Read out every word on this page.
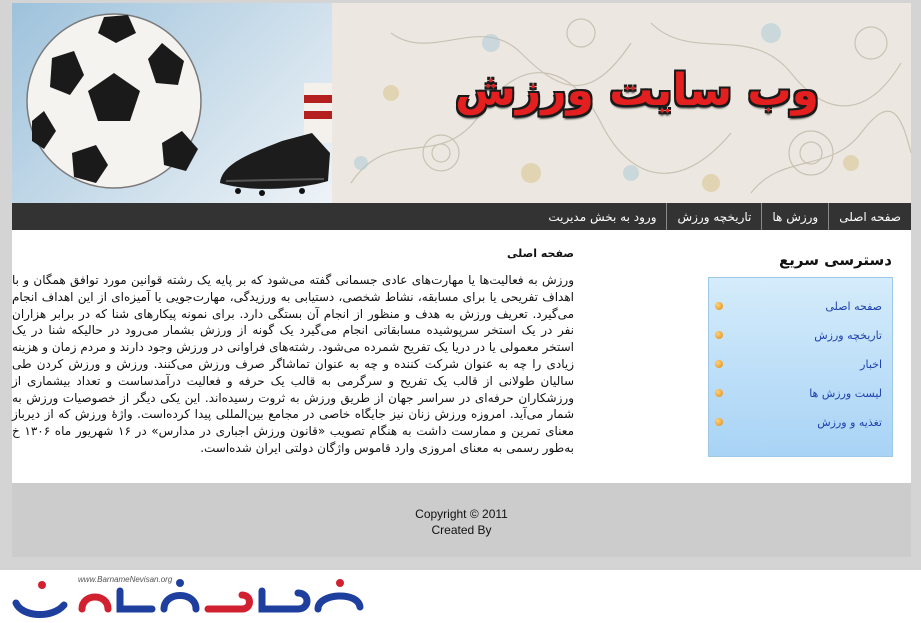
وب سایت ورزش
صفحه اصلی
ورزش ها
تاریخچه ورزش
ورود به بخش مدیریت
دسترسی سریع
صفحه اصلی
تاریخچه ورزش
اخبار
لیست ورزش ها
تغذیه و ورزش
صفحه اصلی

ورزش به فعالیت‌ها یا مهارت‌های عادی جسمانی گفته می‌شود که بر پایه یک رشته قوانین مورد توافق همگان و با اهداف تفریحی یا برای مسابقه، نشاط شخصی، دستیابی به ورزیدگی، مهارت‌جویی یا آمیزه‌ای از این اهداف انجام می‌گیرد. تعریف ورزش به هدف و منظور از انجام آن بستگی دارد. برای نمونه پیکارهای شنا که در برابر هزاران نفر در یک استخر سرپوشیده مسابقاتی انجام می‌گیرد یک گونه از ورزش بشمار می‌رود در حالیکه شنا در یک استخر معمولی یا در دریا یک تفریح شمرده می‌شود. رشته‌های فراوانی در ورزش وجود دارند و مردم زمان و هزینه زیادی را چه به عنوان شرکت کننده و چه به عنوان تماشاگر صرف ورزش می‌کنند. ورزش و ورزش کردن طی سالیان طولانی از قالب یک تفریح و سرگرمی به قالب یک حرفه و فعالیت درآمدساست و تعداد بیشماری از ورزشکاران حرفه‌ای در سراسر جهان از طریق ورزش به ثروت رسیده‌اند. این یکی دیگر از خصوصیات ورزش به شمار می‌آید. امروزه ورزش زنان نیز جایگاه خاصی در مجامع بین‌المللی پیدا کرده‌است. واژهٔ ورزش که از دیرباز معنای تمرین و ممارست داشت به هنگام تصویب «قانون ورزش اجباری در مدارس» در ۱۶ شهریور ماه ۱۳۰۶ خ به‌طور رسمی به معنای امروزی وارد قاموس واژگان دولتی ایران شده‌است.

Copyright © 2011
Created By
www.BarnameNevisan.org
